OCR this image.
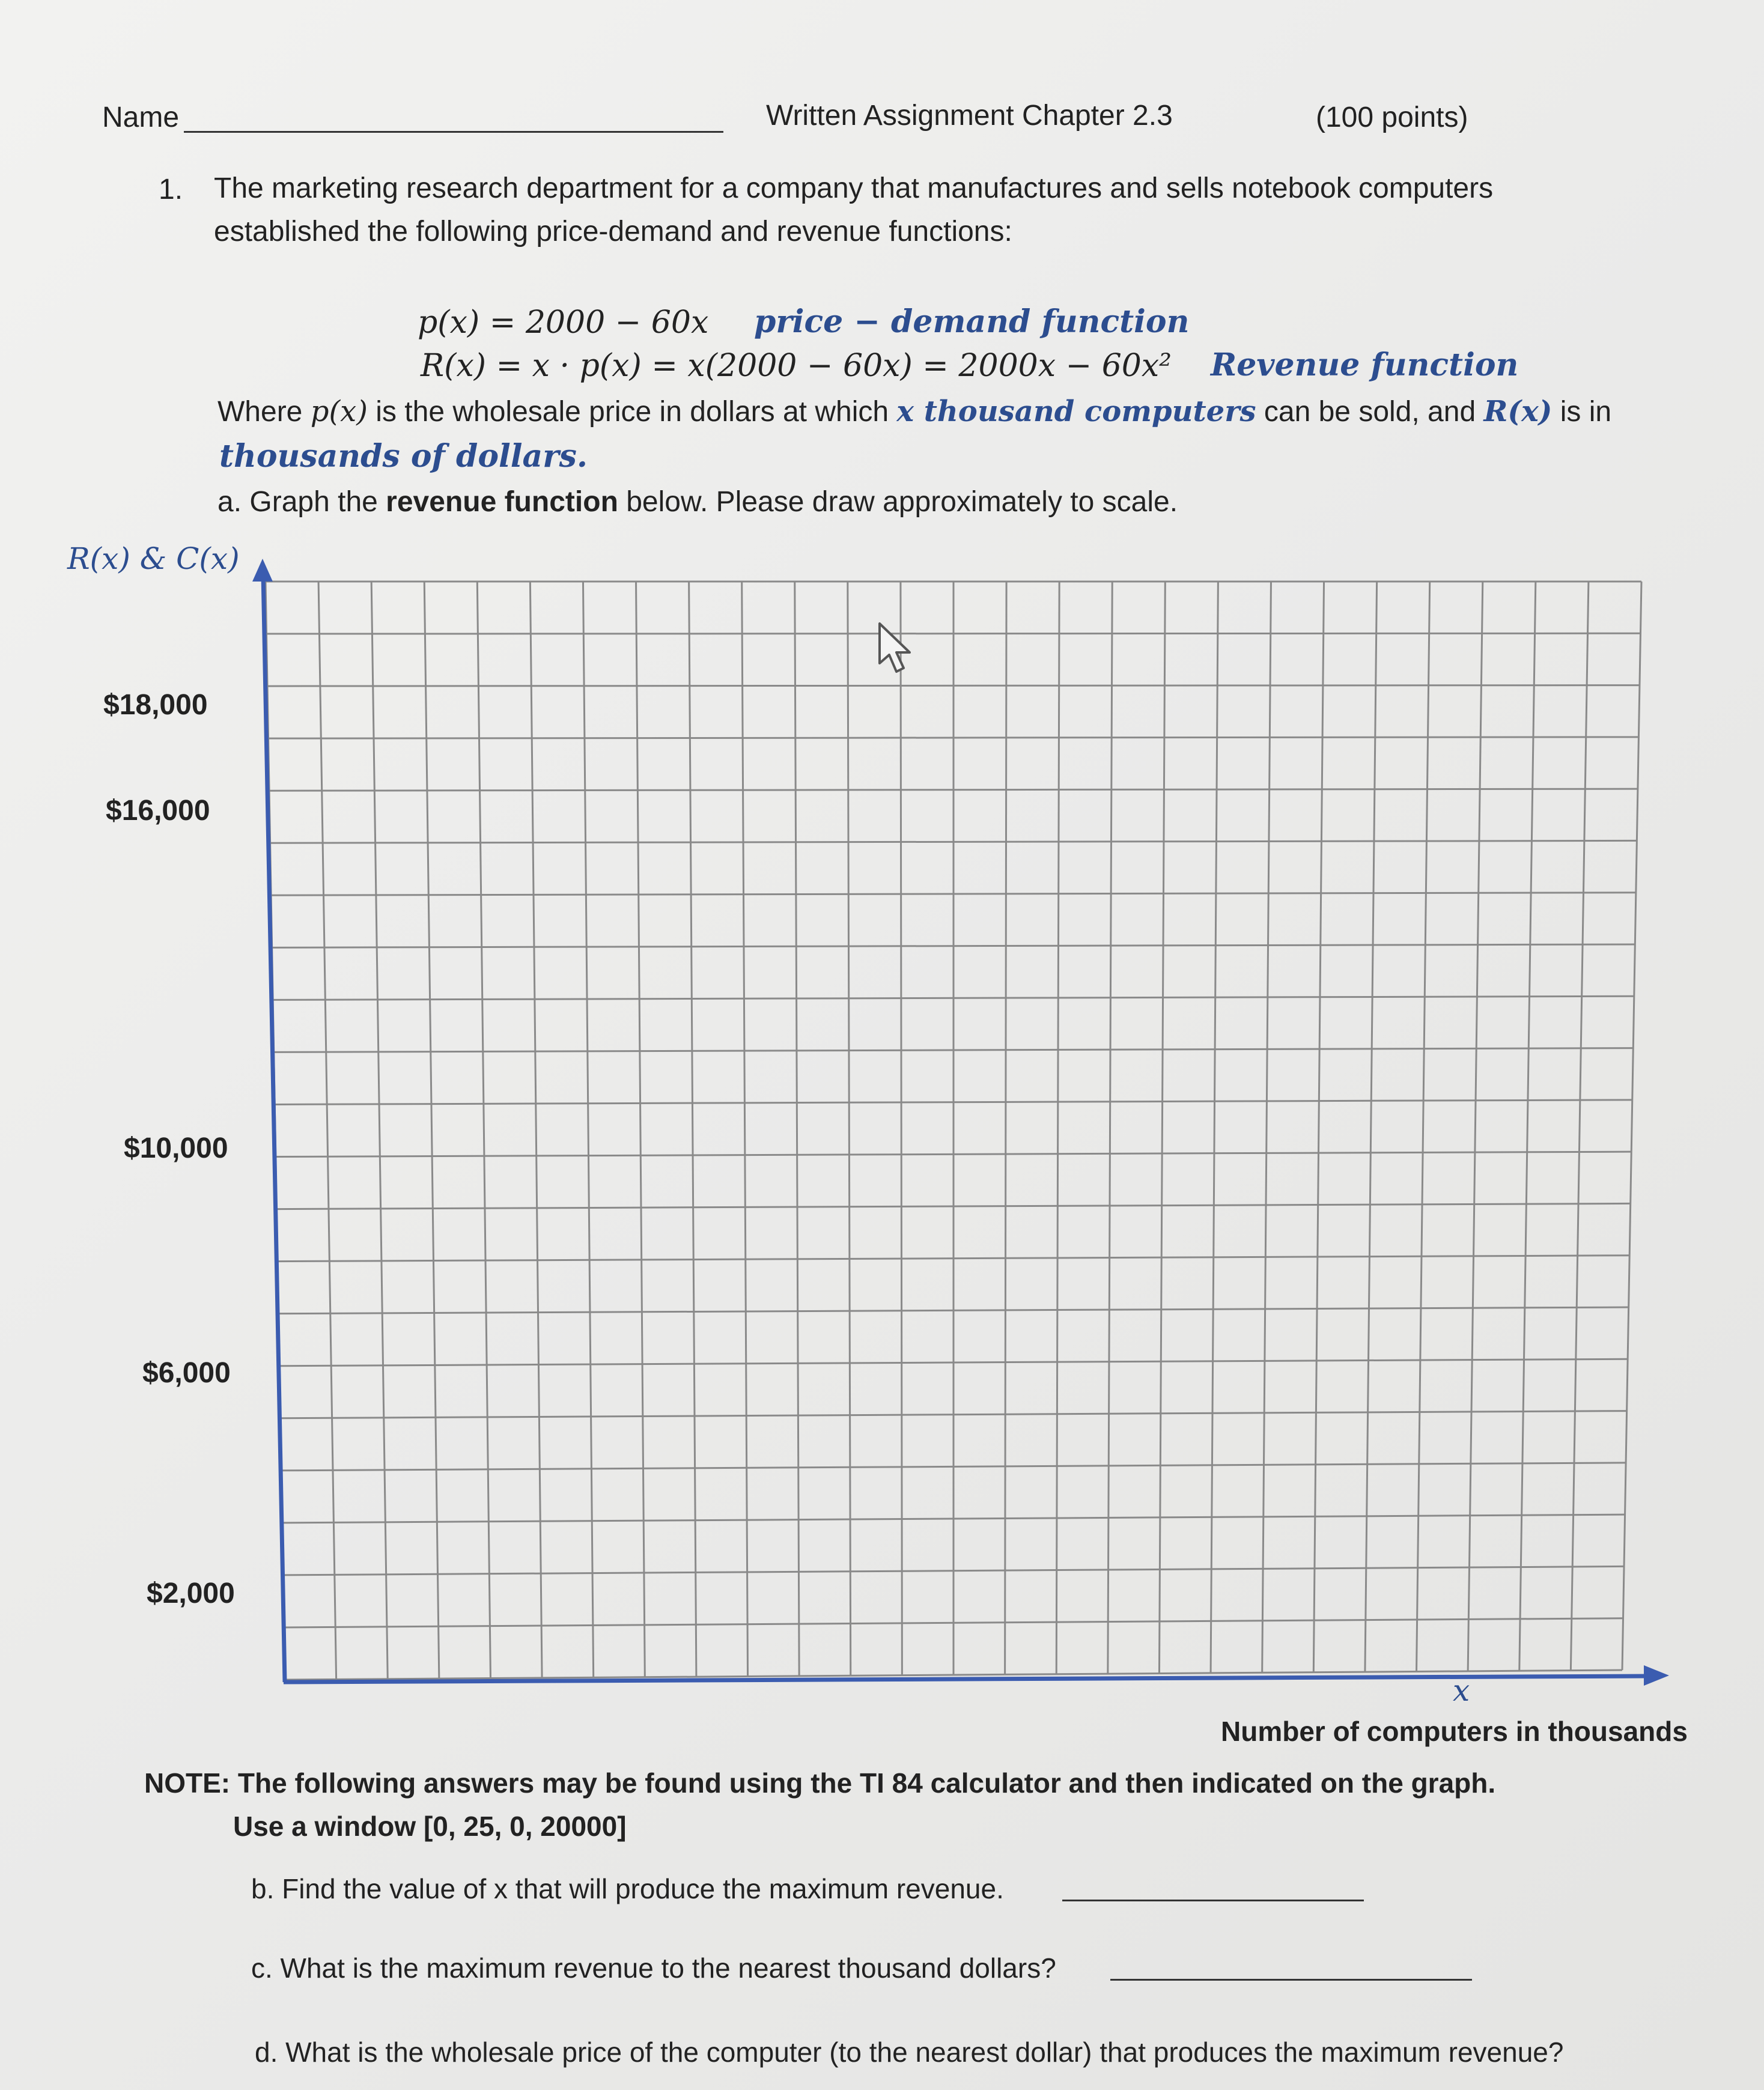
Name	Written Assignment Chapter 2.3	(100 points)
1. The marketing research department for a company that manufactures and sells notebook computers
established the following price-demand and revenue functions:
p(x) = 2000 − 60x price − demand function
R(x) = x · p(x) = x(2000 − 60x) = 2000x − 60x² Revenue function
Where p(x) is the wholesale price in dollars at which x thousand computers can be sold, and R(x) is in
thousands of dollars.
a. Graph the revenue function below. Please draw approximately to scale.
R(x) & C(x)
$18,000
$16,000
$10,000
$6,000
$2,000
x
Number of computers in thousands
NOTE: The following answers may be found using the TI 84 calculator and then indicated on the graph.
Use a window [0, 25, 0, 20000]
b. Find the value of x that will produce the maximum revenue.
c. What is the maximum revenue to the nearest thousand dollars?
d. What is the wholesale price of the computer (to the nearest dollar) that produces the maximum revenue?
